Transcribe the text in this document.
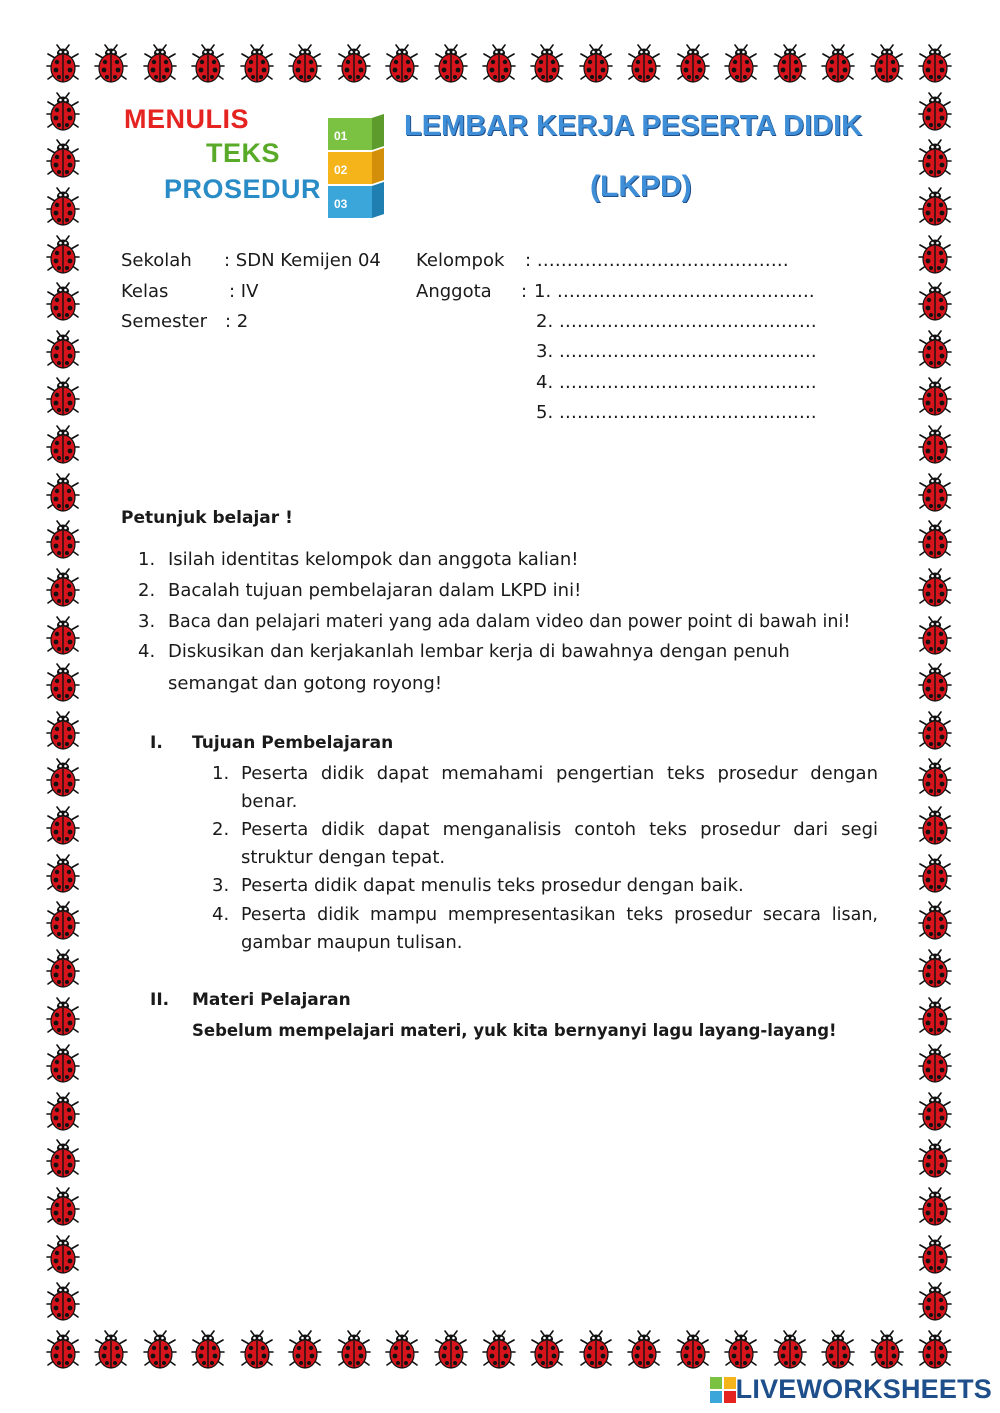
MENULIS
TEKS
PROSEDUR
01
02
03
LEMBAR KERJA PESERTA DIDIK
(LKPD)
Sekolah : SDN Kemijen 04
Kelas	: IV
Semester : 2
Kelompok : ……………………………………
Anggota : 1. …………………………………….
2. …………………………………….
3. …………………………………….
4. …………………………………….
5. …………………………………….
Petunjuk belajar !
1. Isilah identitas kelompok dan anggota kalian!
2. Bacalah tujuan pembelajaran dalam LKPD ini!
3. Baca dan pelajari materi yang ada dalam video dan power point di bawah ini!
4. Diskusikan dan kerjakanlah lembar kerja di bawahnya dengan penuh
semangat dan gotong royong!
I. Tujuan Pembelajaran
1. Peserta didik dapat memahami pengertian teks prosedur dengan
benar.
2. Peserta didik dapat menganalisis contoh teks prosedur dari segi
struktur dengan tepat.
3. Peserta didik dapat menulis teks prosedur dengan baik.
4. Peserta didik mampu mempresentasikan teks prosedur secara lisan,
gambar maupun tulisan.
II. Materi Pelajaran
Sebelum mempelajari materi, yuk kita bernyanyi lagu layang-layang!
LIVEWORKSHEETS
